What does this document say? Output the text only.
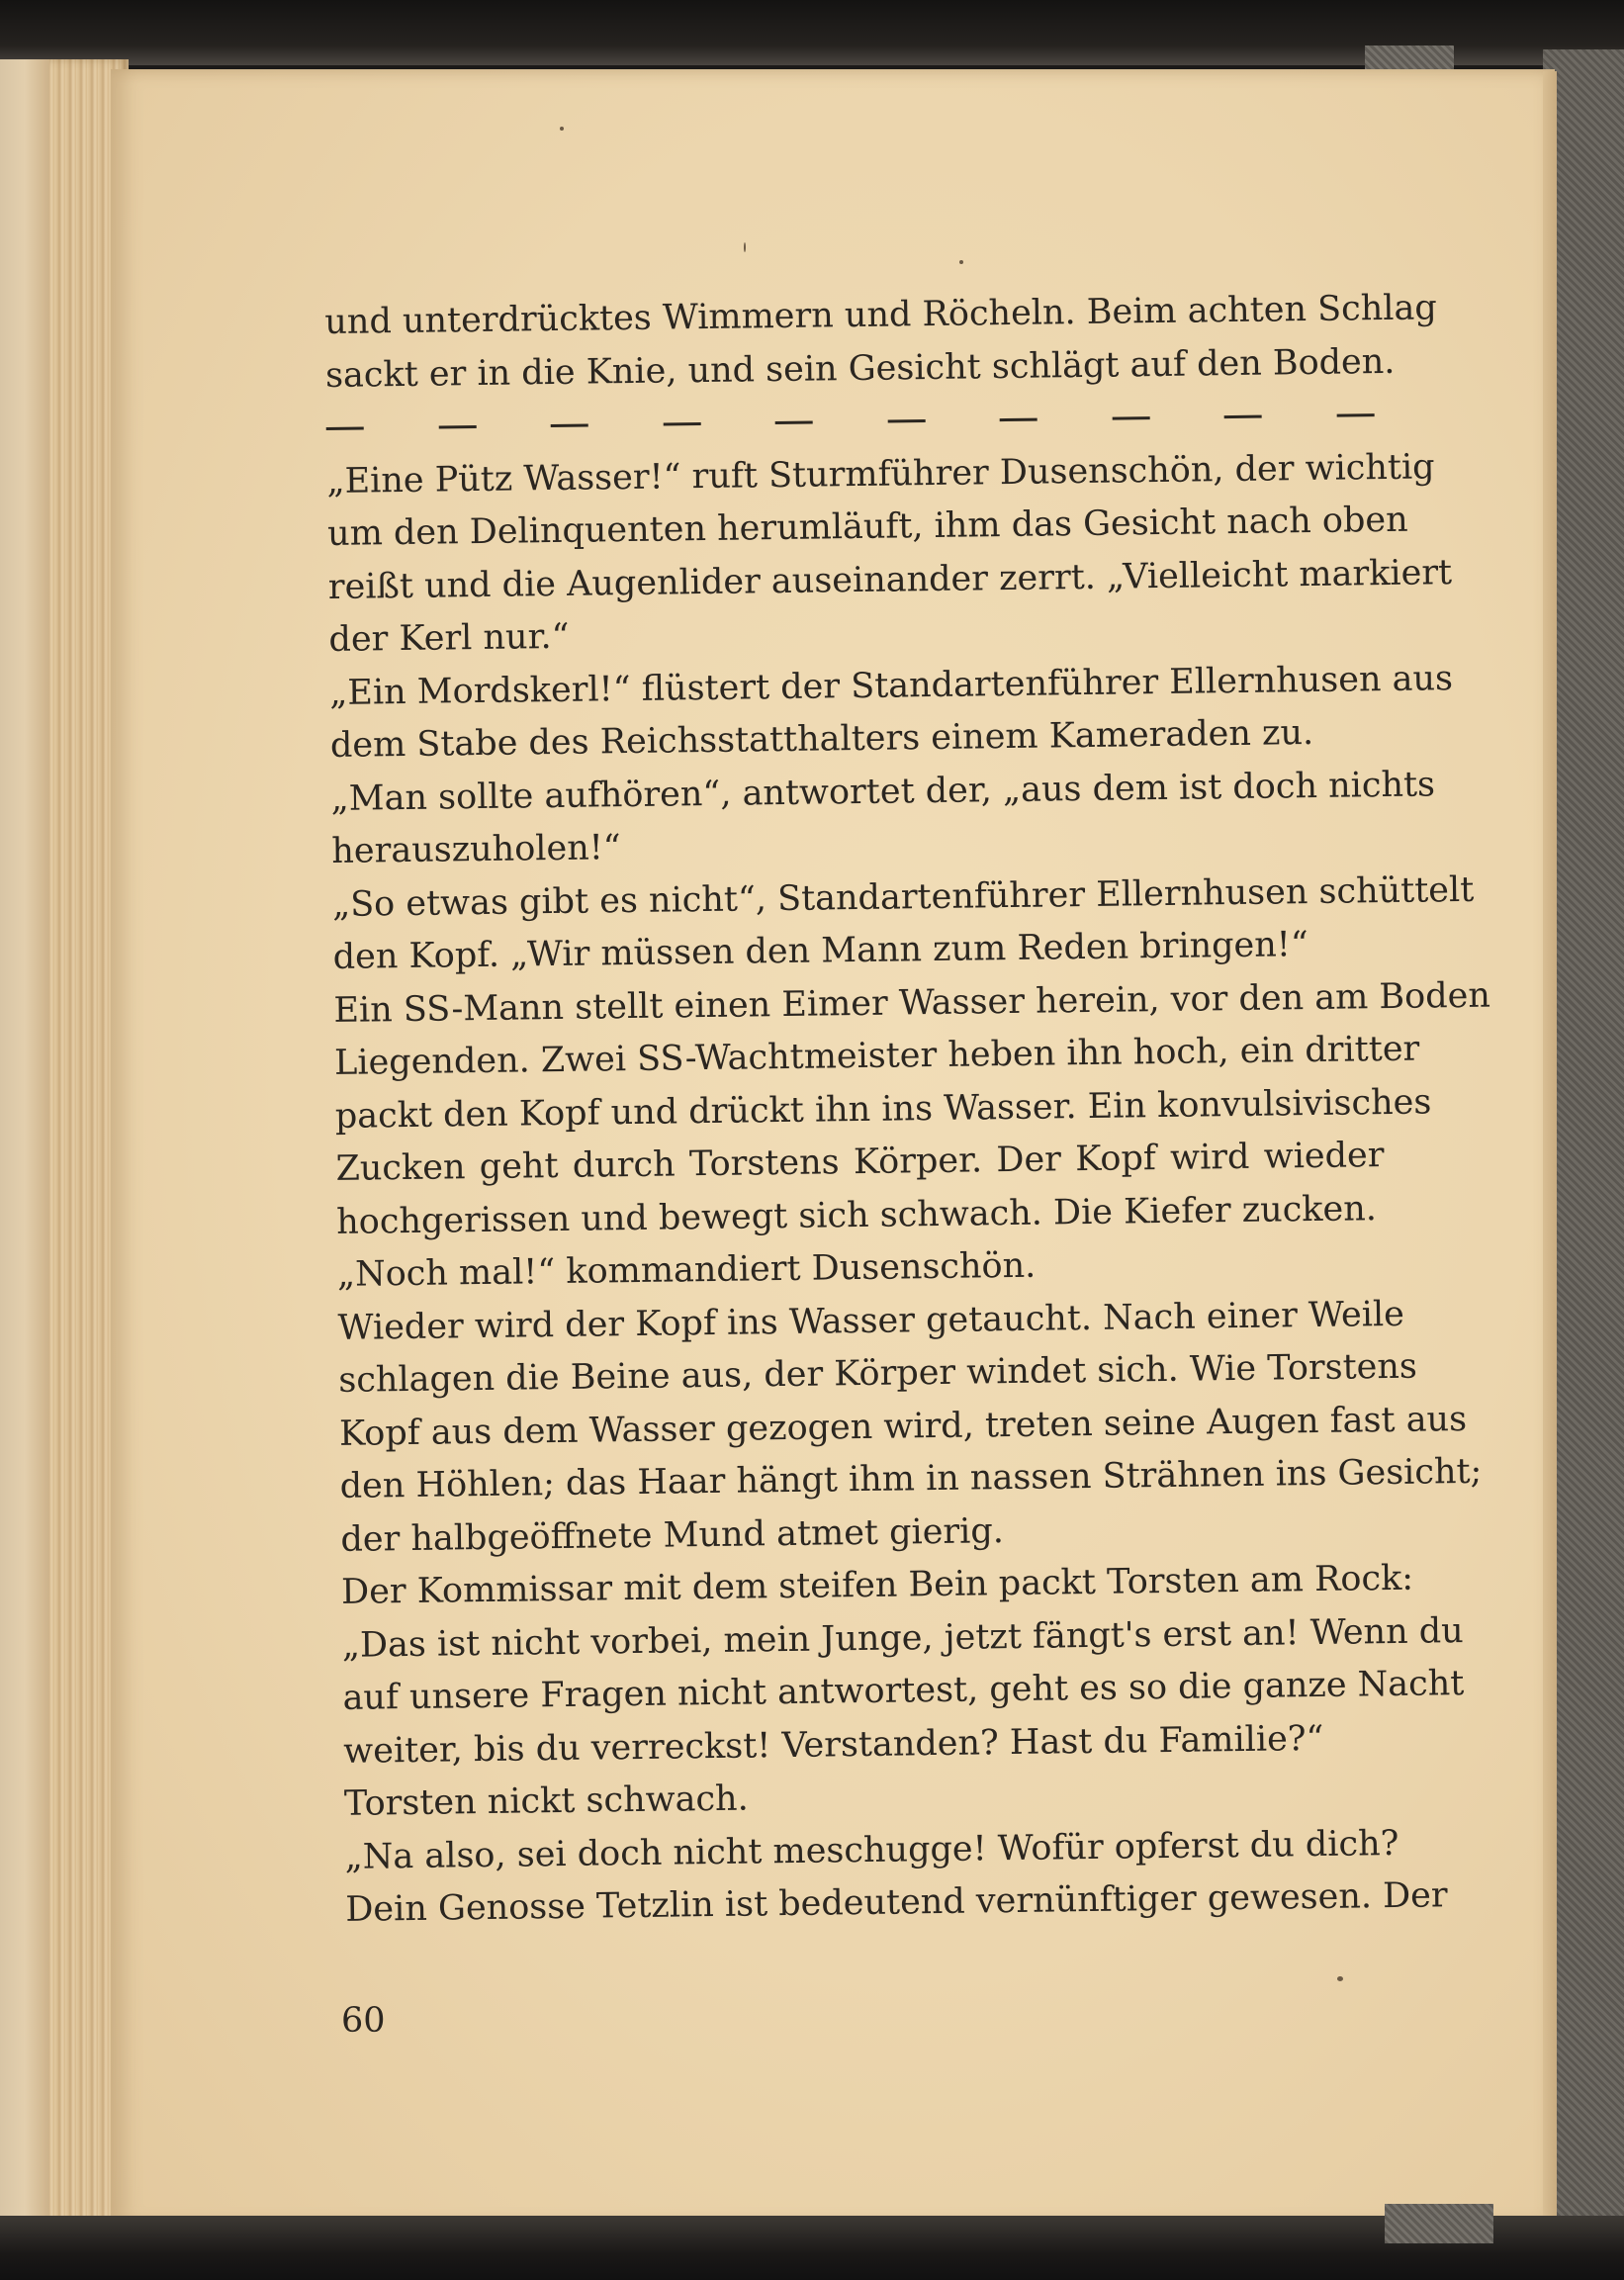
und unterdrücktes Wimmern und Röcheln. Beim achten Schlag
sackt er in die Knie, und sein Gesicht schlägt auf den Boden.
„Eine Pütz Wasser!“ ruft Sturmführer Dusenschön, der wichtig
um den Delinquenten herumläuft, ihm das Gesicht nach oben
reißt und die Augenlider auseinander zerrt. „Vielleicht markiert
der Kerl nur.“
„Ein Mordskerl!“ flüstert der Standartenführer Ellernhusen aus
dem Stabe des Reichsstatthalters einem Kameraden zu.
„Man sollte aufhören“, antwortet der, „aus dem ist doch nichts
herauszuholen!“
„So etwas gibt es nicht“, Standartenführer Ellernhusen schüttelt
den Kopf. „Wir müssen den Mann zum Reden bringen!“
Ein SS-Mann stellt einen Eimer Wasser herein, vor den am Boden
Liegenden. Zwei SS-Wachtmeister heben ihn hoch, ein dritter
packt den Kopf und drückt ihn ins Wasser. Ein konvulsivisches
Zucken geht durch Torstens Körper. Der Kopf wird wieder
hochgerissen und bewegt sich schwach. Die Kiefer zucken.
„Noch mal!“ kommandiert Dusenschön.
Wieder wird der Kopf ins Wasser getaucht. Nach einer Weile
schlagen die Beine aus, der Körper windet sich. Wie Torstens
Kopf aus dem Wasser gezogen wird, treten seine Augen fast aus
den Höhlen; das Haar hängt ihm in nassen Strähnen ins Gesicht;
der halbgeöffnete Mund atmet gierig.
Der Kommissar mit dem steifen Bein packt Torsten am Rock:
„Das ist nicht vorbei, mein Junge, jetzt fängt's erst an! Wenn du
auf unsere Fragen nicht antwortest, geht es so die ganze Nacht
weiter, bis du verreckst! Verstanden? Hast du Familie?“
Torsten nickt schwach.
„Na also, sei doch nicht meschugge! Wofür opferst du dich?
Dein Genosse Tetzlin ist bedeutend vernünftiger gewesen. Der
60
